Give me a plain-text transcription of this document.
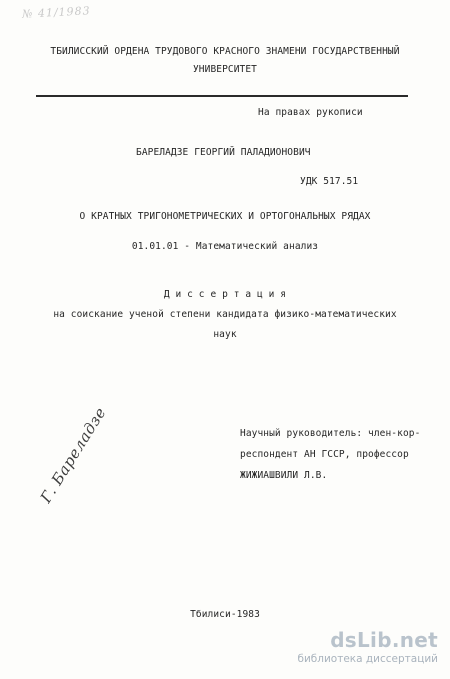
№ 41/1983
ТБИЛИССКИЙ ОРДЕНА ТРУДОВОГО КРАСНОГО ЗНАМЕНИ ГОСУДАРСТВЕННЫЙ
УНИВЕРСИТЕТ
На правах рукописи
БАРЕЛАДЗЕ ГЕОРГИЙ ПАЛАДИОНОВИЧ
УДК 517.51
О КРАТНЫХ ТРИГОНОМЕТРИЧЕСКИХ И ОРТОГОНАЛЬНЫХ РЯДАХ
01.01.01 - Математический анализ
Д и с с е р т а ц и я
на соискание ученой степени кандидата физико-математических
наук
Научный руководитель: член-кор-
респондент АН ГССР, профессор
ЖИЖИАШВИЛИ Л.В.
Г. Барeладзе
Тбилиси-1983
dsLib.net
библиотека диссертаций
